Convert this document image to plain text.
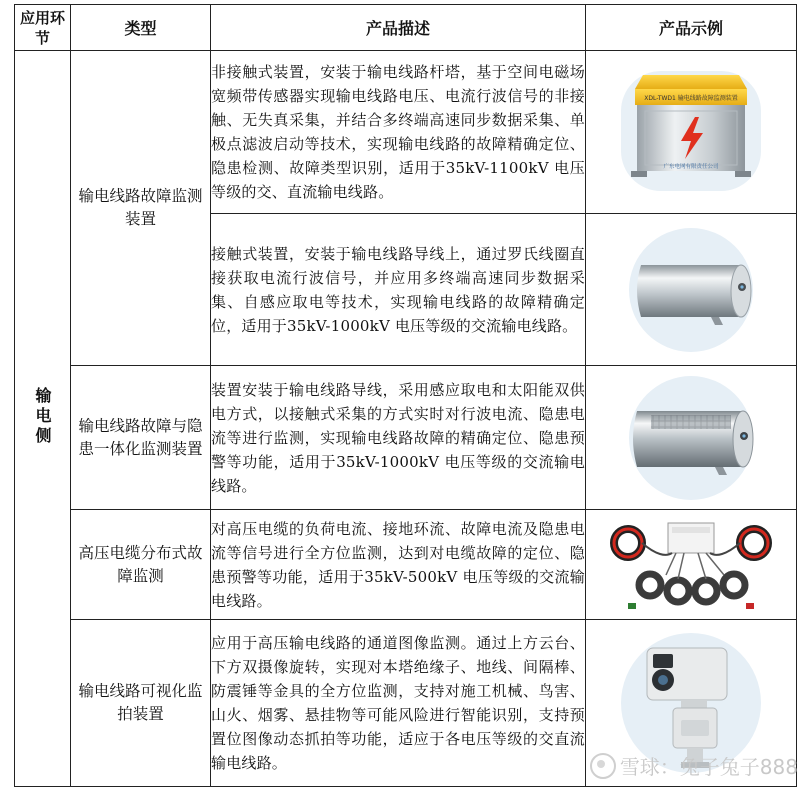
应用环节	类型	产品描述	产品示例
输电侧	输电线路故障监测装置	非接触式装置，安装于输电线路杆塔，基于空间电磁场宽频带传感器实现输电线路电压、电流行波信号的非接触、无失真采集，并结合多终端高速同步数据采集、单极点滤波启动等技术，实现输电线路的故障精确定位、隐患检测、故障类型识别，适用于35kV-1100kV 电压等级的交、直流输电线路。	XDL-TWD1 输电线路故障监测装置
广东电网有限责任公司

		接触式装置，安装于输电线路导线上，通过罗氏线圈直接获取电流行波信号，并应用多终端高速同步数据采集、自感应取电等技术，实现输电线路的故障精确定位，适用于35kV-1000kV 电压等级的交流输电线路。	

	输电线路故障与隐患一体化监测装置	装置安装于输电线路导线，采用感应取电和太阳能双供电方式，以接触式采集的方式实时对行波电流、隐患电流等进行监测，实现输电线路故障的精确定位、隐患预警等功能，适用于35kV-1000kV 电压等级的交流输电线路。	

	高压电缆分布式故障监测	对高压电缆的负荷电流、接地环流、故障电流及隐患电流等信号进行全方位监测，达到对电缆故障的定位、隐患预警等功能，适用于35kV-500kV 电压等级的交流输电线路。	

	输电线路可视化监拍装置	应用于高压输电线路的通道图像监测。通过上方云台、下方双摄像旋转，实现对本塔绝缘子、地线、间隔棒、防震锤等金具的全方位监测，支持对施工机械、鸟害、山火、烟雾、悬挂物等可能风险进行智能识别，支持预置位图像动态抓拍等功能，适应于各电压等级的交直流输电线路。		雪球：兔子兔子888
